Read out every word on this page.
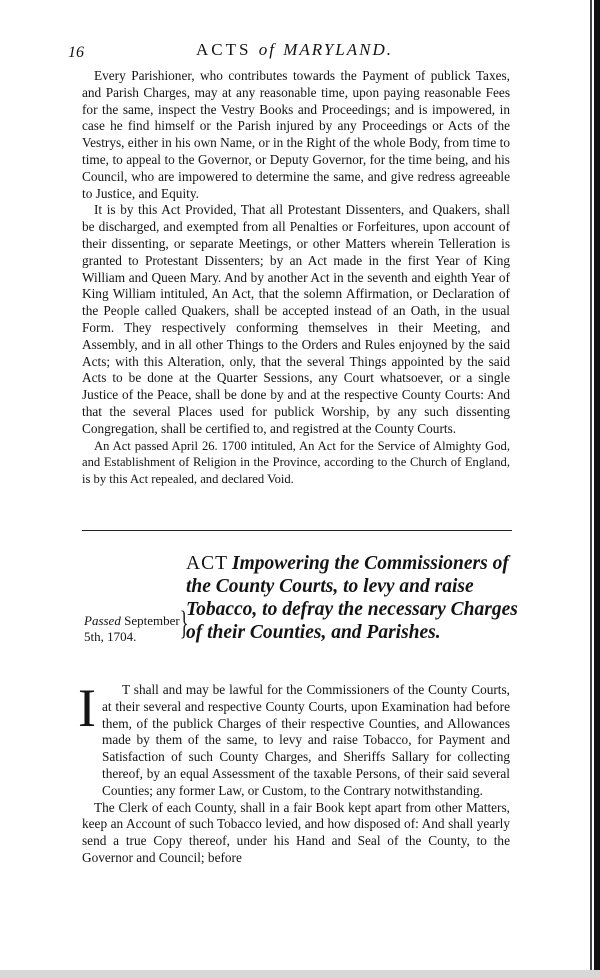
16	ACTS of MARYLAND.

Every Parishioner, who contributes towards the Payment of publick Taxes, and Parish Charges, may at any reasonable time, upon paying reasonable Fees for the same, inspect the Vestry Books and Proceedings; and is impowered, in case he find himself or the Parish injured by any Proceedings or Acts of the Vestrys, either in his own Name, or in the Right of the whole Body, from time to time, to appeal to the Governor, or Deputy Governor, for the time being, and his Council, who are impowered to determine the same, and give redress agreeable to Justice, and Equity.

It is by this Act Provided, That all Protestant Dissenters, and Quakers, shall be discharged, and exempted from all Penalties or Forfeitures, upon account of their dissenting, or separate Meetings, or other Matters wherein Telleration is granted to Protestant Dissenters; by an Act made in the first Year of King William and Queen Mary. And by another Act in the seventh and eighth Year of King William intituled, An Act, that the solemn Affirmation, or Declaration of the People called Quakers, shall be accepted instead of an Oath, in the usual Form. They respectively conforming themselves in their Meeting, and Assembly, and in all other Things to the Orders and Rules enjoyned by the said Acts; with this Alteration, only, that the several Things appointed by the said Acts to be done at the Quarter Sessions, any Court whatsoever, or a single Justice of the Peace, shall be done by and at the respective County Courts: And that the several Places used for publick Worship, by any such dissenting Congregation, shall be certified to, and registred at the County Courts.

An Act passed April 26. 1700 intituled, An Act for the Service of Almighty God, and Establishment of Religion in the Province, according to the Church of England, is by this Act repealed, and declared Void.

ACT Impowering the Commissioners of the County Courts, to levy and raise Tobacco, to defray the necessary Charges of their Counties, and Parishes.
Passed September 5th, 1704.	}
I	T shall and may be lawful for the Commissioners of the County Courts, at their several and respective County Courts, upon Examination had before them, of the publick Charges of their respective Counties, and Allowances made by them of the same, to levy and raise Tobacco, for Payment and Satisfaction of such County Charges, and Sheriffs Sallary for collecting thereof, by an equal Assessment of the taxable Persons, of their said several Counties; any former Law, or Custom, to the Contrary notwithstanding.

The Clerk of each County, shall in a fair Book kept apart from other Matters, keep an Account of such Tobacco levied, and how disposed of: And shall yearly send a true Copy thereof, under his Hand and Seal of the County, to the Governor and Council; before
